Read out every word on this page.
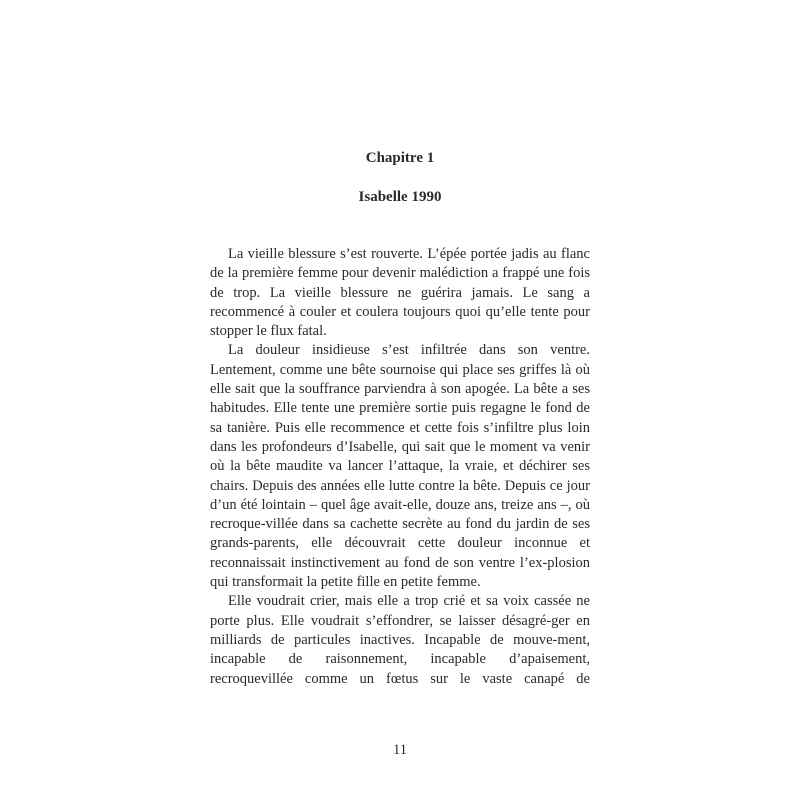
Chapitre 1
Isabelle 1990

La vieille blessure s’est rouverte. L’épée portée jadis au flanc de la première femme pour devenir malédiction a frappé une fois de trop. La vieille blessure ne guérira jamais. Le sang a recommencé à couler et coulera toujours quoi qu’elle tente pour stopper le flux fatal.

La douleur insidieuse s’est infiltrée dans son ventre. Lentement, comme une bête sournoise qui place ses griffes là où elle sait que la souffrance parviendra à son apogée. La bête a ses habitudes. Elle tente une première sortie puis regagne le fond de sa tanière. Puis elle recommence et cette fois s’infiltre plus loin dans les profondeurs d’Isabelle, qui sait que le moment va venir où la bête maudite va lancer l’attaque, la vraie, et déchirer ses chairs. Depuis des années elle lutte contre la bête. Depuis ce jour d’un été lointain – quel âge avait-elle, douze ans, treize ans –, où recroque-villée dans sa cachette secrète au fond du jardin de ses grands-parents, elle découvrait cette douleur inconnue et reconnaissait instinctivement au fond de son ventre l’ex-plosion qui transformait la petite fille en petite femme.

Elle voudrait crier, mais elle a trop crié et sa voix cassée ne porte plus. Elle voudrait s’effondrer, se laisser désagré-ger en milliards de particules inactives. Incapable de mouve-ment, incapable de raisonnement, incapable d’apaisement, recroquevillée comme un fœtus sur le vaste canapé de

11
